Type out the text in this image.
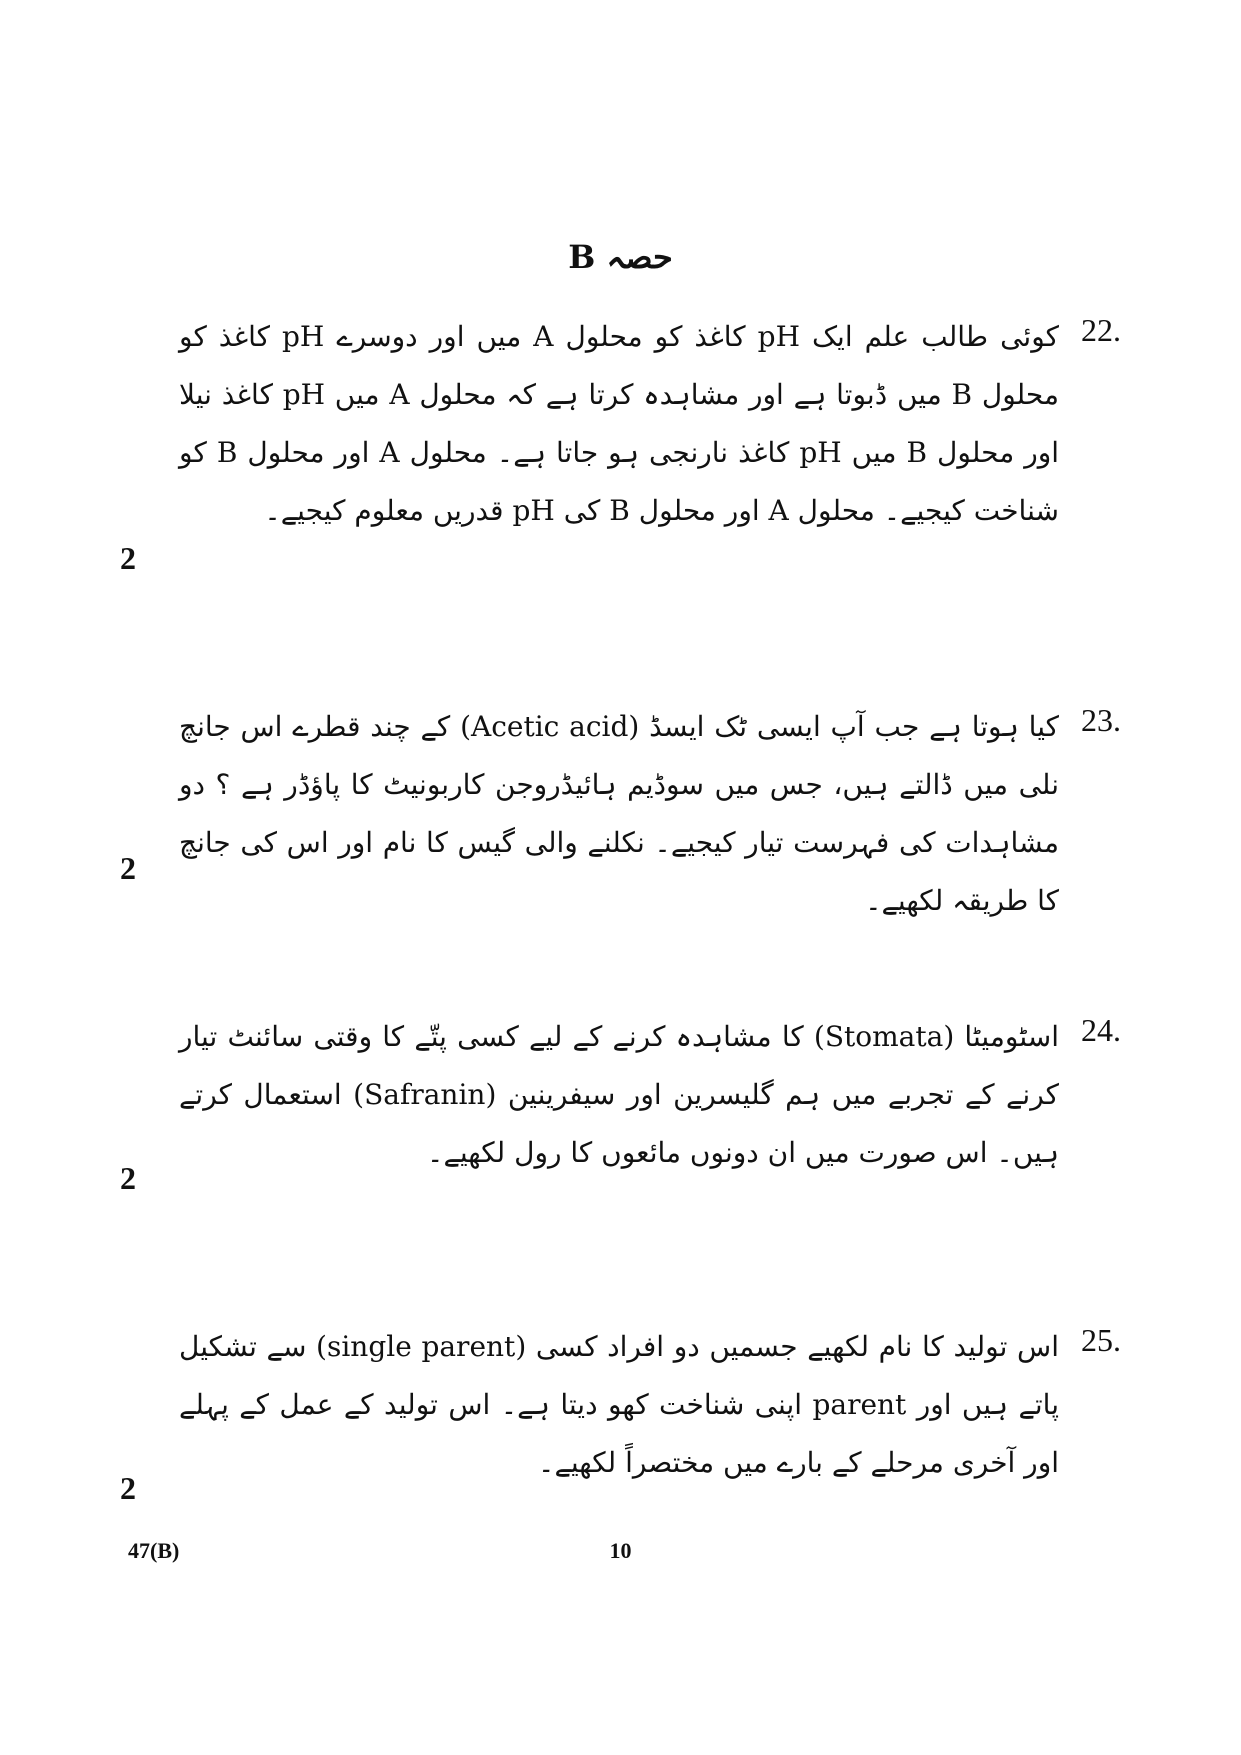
حصہ B
22.
کوئی طالب علم ایک pH کاغذ کو محلول A میں اور دوسرے pH کاغذ کو محلول B میں ڈبوتا ہے اور مشاہدہ کرتا ہے کہ محلول A میں pH کاغذ نیلا اور محلول B میں pH کاغذ نارنجی ہو جاتا ہے۔ محلول A اور محلول B کو شناخت کیجیے۔ محلول A اور محلول B کی pH قدریں معلوم کیجیے۔
2
23.
کیا ہوتا ہے جب آپ ایسی ٹک ایسڈ (Acetic acid) کے چند قطرے اس جانچ نلی میں ڈالتے ہیں، جس میں سوڈیم ہائیڈروجن کاربونیٹ کا پاؤڈر ہے ؟ دو مشاہدات کی فہرست تیار کیجیے۔ نکلنے والی گیس کا نام اور اس کی جانچ کا طریقہ لکھیے۔
2
24.
اسٹومیٹا (Stomata) کا مشاہدہ کرنے کے لیے کسی پتّے کا وقتی سائنٹ تیار کرنے کے تجربے میں ہم گلیسرین اور سیفرینین (Safranin) استعمال کرتے ہیں۔ اس صورت میں ان دونوں مائعوں کا رول لکھیے۔
2
25.
اس تولید کا نام لکھیے جسمیں دو افراد کسی (single parent) سے تشکیل پاتے ہیں اور parent اپنی شناخت کھو دیتا ہے۔ اس تولید کے عمل کے پہلے اور آخری مرحلے کے بارے میں مختصراً لکھیے۔
2
47(B)	10
